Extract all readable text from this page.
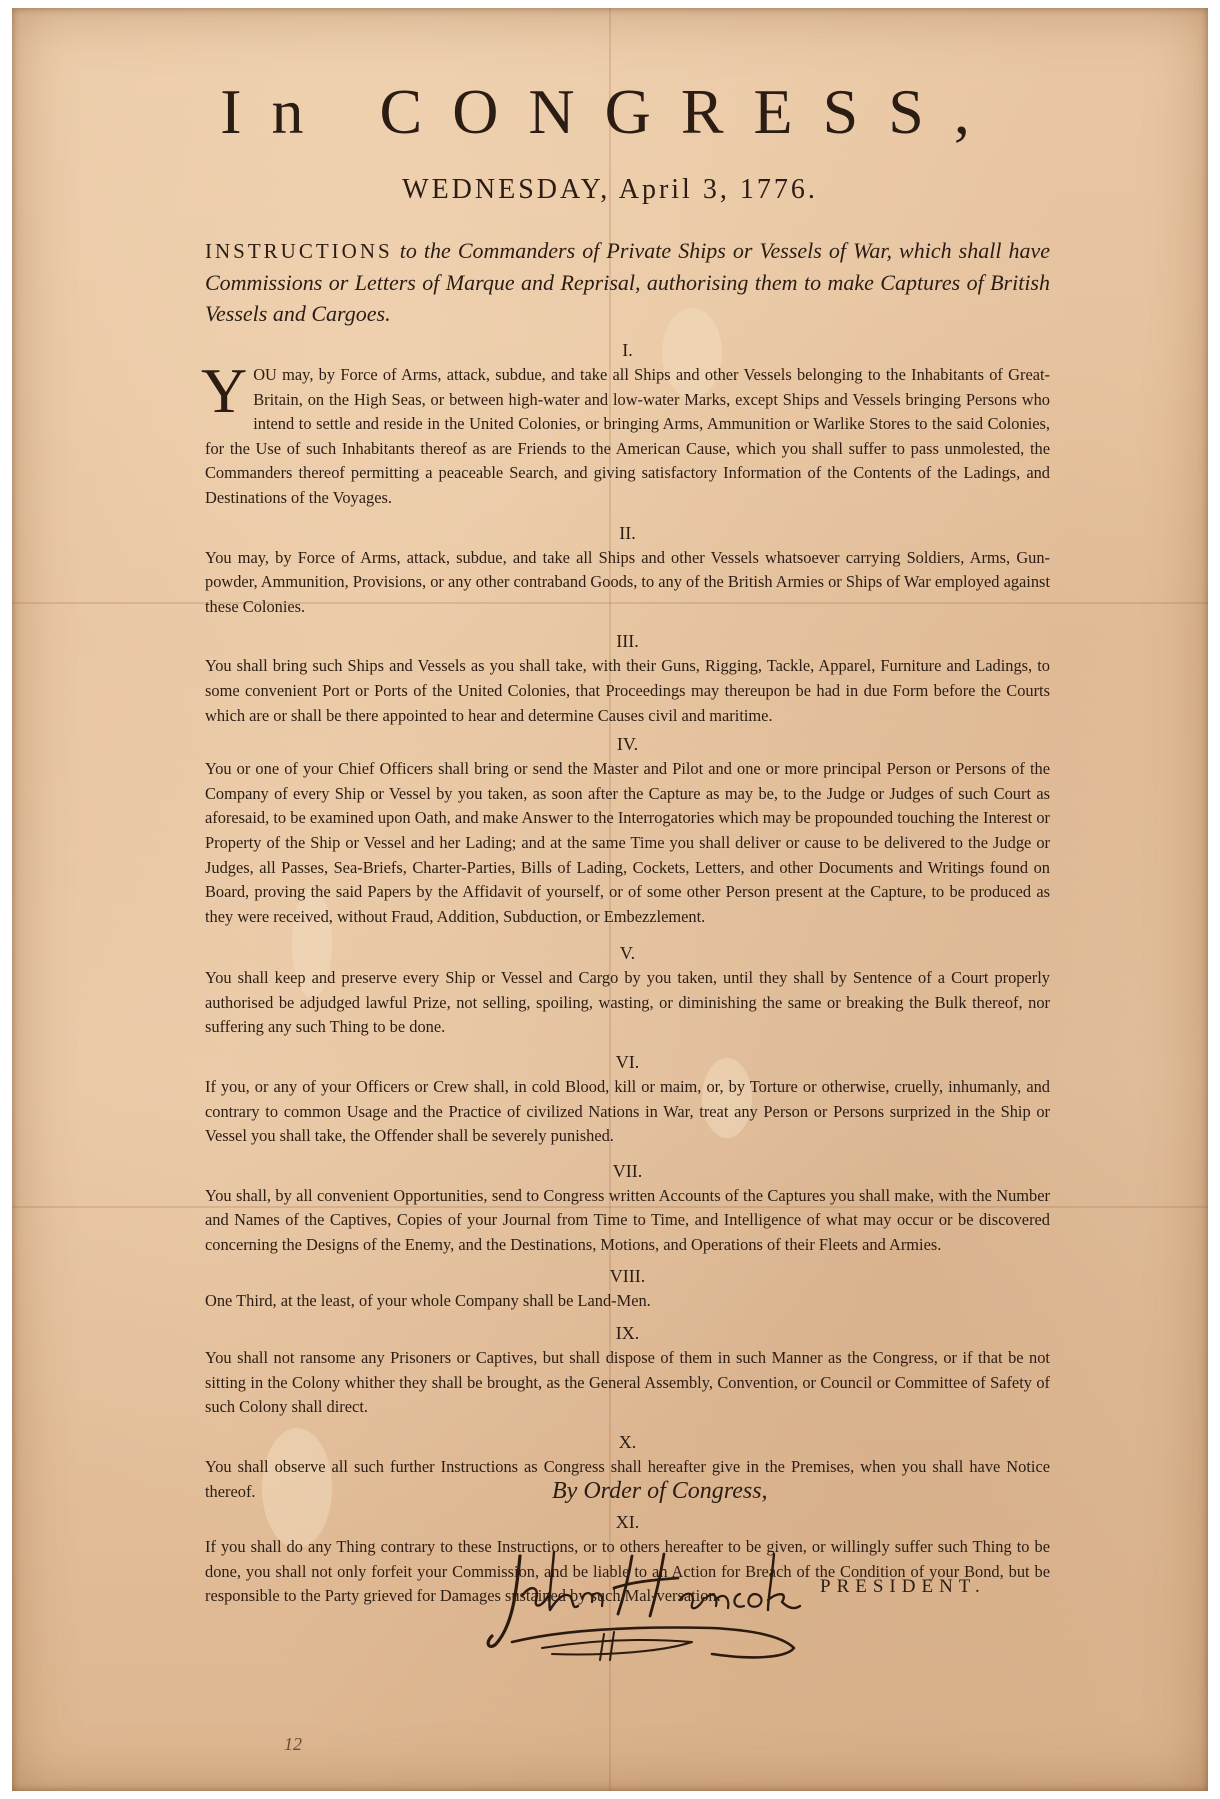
In CONGRESS,
WEDNESDAY, April 3, 1776.
INSTRUCTIONS to the Commanders of Private Ships or Vessels of War, which shall have Commissions or Letters of Marque and Reprisal, authorising them to make Captures of British Vessels and Cargoes.

I.

YOU may, by Force of Arms, attack, subdue, and take all Ships and other Vessels belonging to the Inhabitants of Great-Britain, on the High Seas, or between high-water and low-water Marks, except Ships and Vessels bringing Persons who intend to settle and reside in the United Colonies, or bringing Arms, Ammunition or Warlike Stores to the said Colonies, for the Use of such Inhabitants thereof as are Friends to the American Cause, which you shall suffer to pass unmolested, the Commanders thereof permitting a peaceable Search, and giving satisfactory Information of the Contents of the Ladings, and Destinations of the Voyages.

II.

You may, by Force of Arms, attack, subdue, and take all Ships and other Vessels whatsoever carrying Soldiers, Arms, Gun-powder, Ammunition, Provisions, or any other contraband Goods, to any of the British Armies or Ships of War employed against these Colonies.

III.

You shall bring such Ships and Vessels as you shall take, with their Guns, Rigging, Tackle, Apparel, Furniture and Ladings, to some convenient Port or Ports of the United Colonies, that Proceedings may thereupon be had in due Form before the Courts which are or shall be there appointed to hear and determine Causes civil and maritime.

IV.

You or one of your Chief Officers shall bring or send the Master and Pilot and one or more principal Person or Persons of the Company of every Ship or Vessel by you taken, as soon after the Capture as may be, to the Judge or Judges of such Court as aforesaid, to be examined upon Oath, and make Answer to the Interrogatories which may be propounded touching the Interest or Property of the Ship or Vessel and her Lading; and at the same Time you shall deliver or cause to be delivered to the Judge or Judges, all Passes, Sea-Briefs, Charter-Parties, Bills of Lading, Cockets, Letters, and other Documents and Writings found on Board, proving the said Papers by the Affidavit of yourself, or of some other Person present at the Capture, to be produced as they were received, without Fraud, Addition, Subduction, or Embezzlement.

V.

You shall keep and preserve every Ship or Vessel and Cargo by you taken, until they shall by Sentence of a Court properly authorised be adjudged lawful Prize, not selling, spoiling, wasting, or diminishing the same or breaking the Bulk thereof, nor suffering any such Thing to be done.

VI.

If you, or any of your Officers or Crew shall, in cold Blood, kill or maim, or, by Torture or otherwise, cruelly, inhumanly, and contrary to common Usage and the Practice of civilized Nations in War, treat any Person or Persons surprized in the Ship or Vessel you shall take, the Offender shall be severely punished.

VII.

You shall, by all convenient Opportunities, send to Congress written Accounts of the Captures you shall make, with the Number and Names of the Captives, Copies of your Journal from Time to Time, and Intelligence of what may occur or be discovered concerning the Designs of the Enemy, and the Destinations, Motions, and Operations of their Fleets and Armies.

VIII.

One Third, at the least, of your whole Company shall be Land-Men.

IX.

You shall not ransome any Prisoners or Captives, but shall dispose of them in such Manner as the Congress, or if that be not sitting in the Colony whither they shall be brought, as the General Assembly, Convention, or Council or Committee of Safety of such Colony shall direct.

X.

You shall observe all such further Instructions as Congress shall hereafter give in the Premises, when you shall have Notice thereof.

XI.

If you shall do any Thing contrary to these Instructions, or to others hereafter to be given, or willingly suffer such Thing to be done, you shall not only forfeit your Commission, and be liable to an Action for Breach of the Condition of your Bond, but be responsible to the Party grieved for Damages sustained by such Mal-versation.

By Order of Congress,
PRESIDENT.
12
